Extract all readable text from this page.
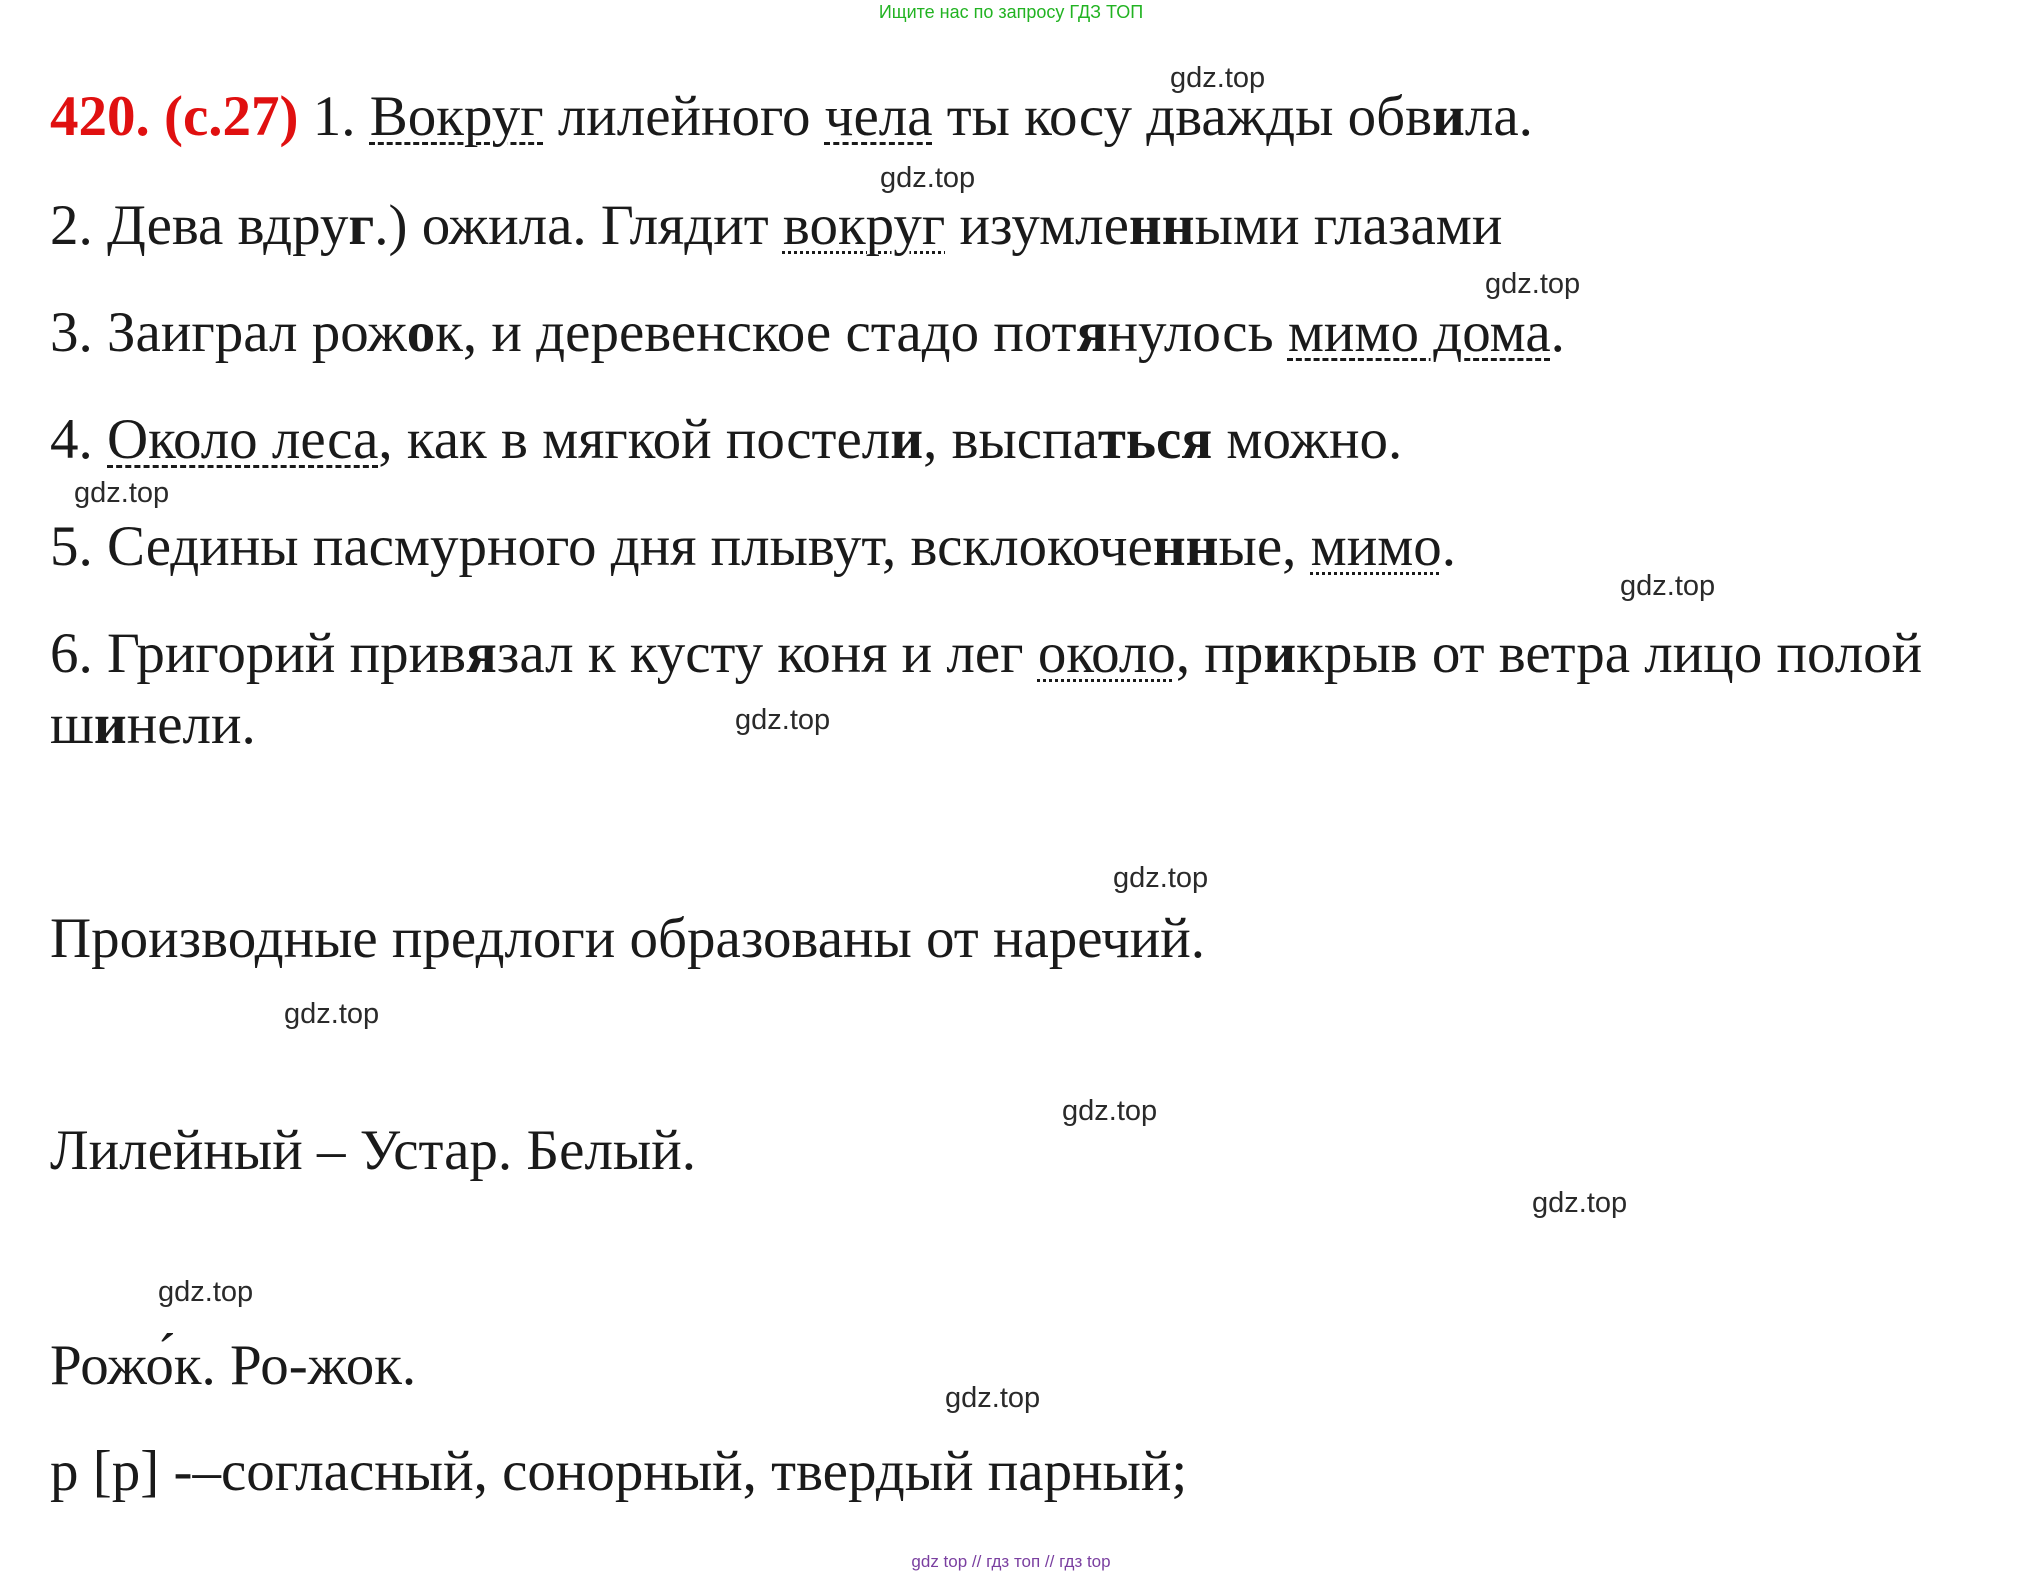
Ищите нас по запросу ГДЗ ТОП
420. (с.27) 1. Вокруг лилейного чела ты косу дважды обвила.
2. Дева вдруг.) ожила. Глядит вокруг изумленными глазами
3. Заиграл рожок, и деревенское стадо потянулось мимо дома.
4. Около леса, как в мягкой постели, выспаться можно.
5. Седины пасмурного дня плывут, всклокоченные, мимо.
6. Григорий привязал к кусту коня и лег около, прикрыв от ветра лицо полой
шинели.
Производные предлоги образованы от наречий.
Лилейный – Устар. Белый.
Рожо́к. Ро-жок.
р [р] -–согласный, сонорный, твердый парный;
gdz.top
gdz.top
gdz.top
gdz.top
gdz.top
gdz.top
gdz.top
gdz.top
gdz.top
gdz.top
gdz.top
gdz.top
gdz top // гдз топ // гдз top
